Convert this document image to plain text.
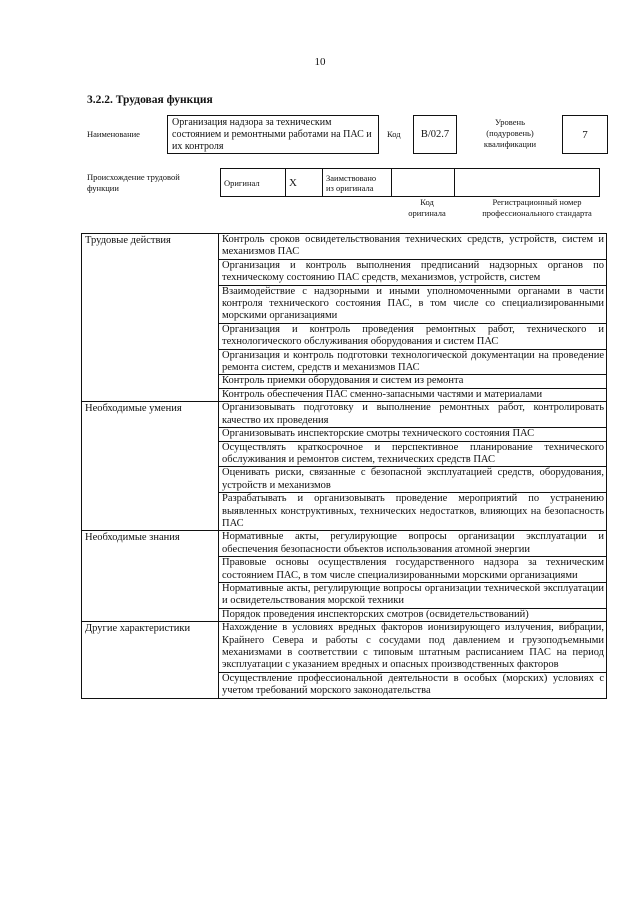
10
3.2.2. Трудовая функция
Наименование
Организация надзора за техническим состоянием и ремонтными работами на ПАС и их контроля
Код	B/02.7
Уровень
(подуровень)
квалификации
7
Происхождение трудовой
функции
Оригинал	X	Заимствовано
из оригинала

Код
оригинала
Регистрационный номер
профессионального стандарта
Трудовые действия	Контроль сроков освидетельствования технических средств, устройств, систем и механизмов ПАС
	Организация и контроль выполнения предписаний надзорных органов по техническому состоянию ПАС средств, механизмов, устройств, систем
	Взаимодействие с надзорными и иными уполномоченными органами в части контроля технического состояния ПАС, в том числе со специализированными морскими организациями
	Организация и контроль проведения ремонтных работ, технического и технологического обслуживания оборудования и систем ПАС
	Организация и контроль подготовки технологической документации на проведение ремонта систем, средств и механизмов ПАС
	Контроль приемки оборудования и систем из ремонта
	Контроль обеспечения ПАС сменно-запасными частями и материалами
Необходимые умения	Организовывать подготовку и выполнение ремонтных работ, контролировать качество их проведения
	Организовывать инспекторские смотры технического состояния ПАС
	Осуществлять краткосрочное и перспективное планирование технического обслуживания и ремонтов систем, технических средств ПАС
	Оценивать риски, связанные с безопасной эксплуатацией средств, оборудования, устройств и механизмов
	Разрабатывать и организовывать проведение мероприятий по устранению выявленных конструктивных, технических недостатков, влияющих на безопасность ПАС
Необходимые знания	Нормативные акты, регулирующие вопросы организации эксплуатации и обеспечения безопасности объектов использования атомной энергии
	Правовые основы осуществления государственного надзора за техническим состоянием ПАС, в том числе специализированными морскими организациями
	Нормативные акты, регулирующие вопросы организации технической эксплуатации и освидетельствования морской техники
	Порядок проведения инспекторских смотров (освидетельствований)
Другие характеристики	Нахождение в условиях вредных факторов ионизирующего излучения, вибрации, Крайнего Севера и работы с сосудами под давлением и грузоподъемными механизмами в соответствии с типовым штатным расписанием ПАС на период эксплуатации с указанием вредных и опасных производственных факторов
	Осуществление профессиональной деятельности в особых (морских) условиях с учетом требований морского законодательства
